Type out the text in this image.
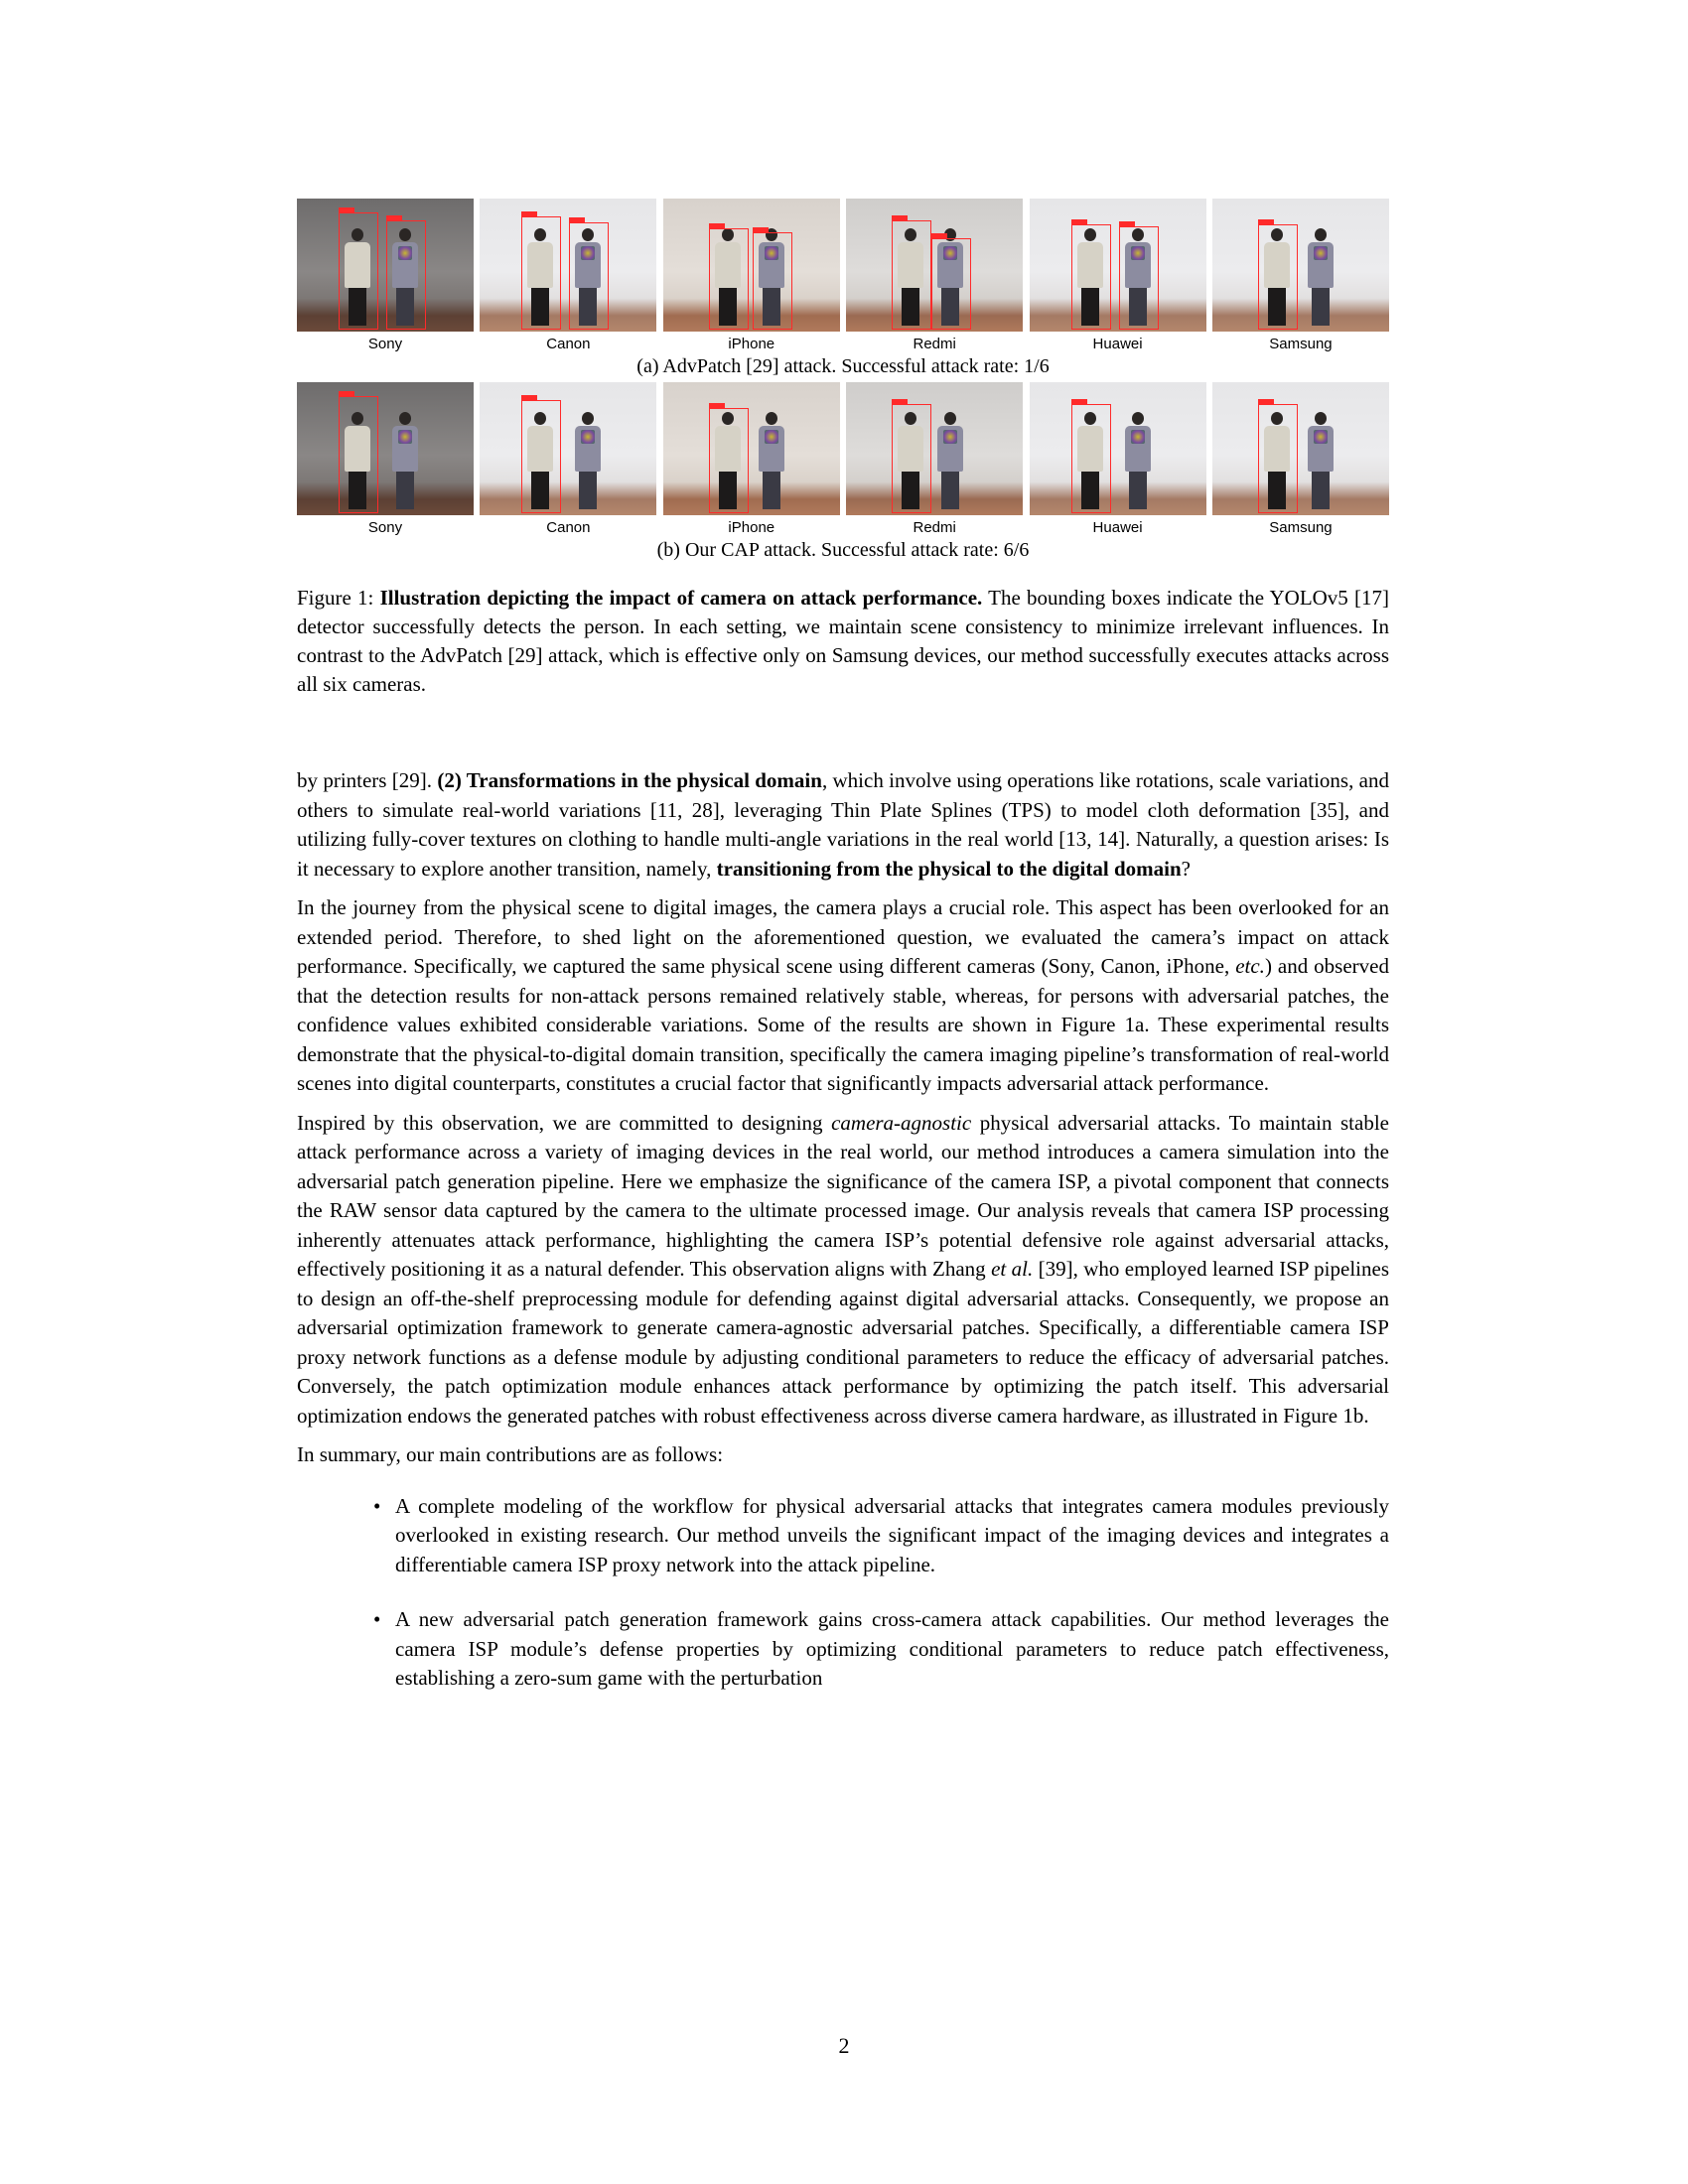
Sony	Canon	iPhone	Redmi	Huawei	Samsung
(a) AdvPatch [29] attack. Successful attack rate: 1/6
Sony	Canon	iPhone	Redmi	Huawei	Samsung
(b) Our CAP attack. Successful attack rate: 6/6
Figure 1: Illustration depicting the impact of camera on attack performance. The bounding boxes indicate the YOLOv5 [17] detector successfully detects the person. In each setting, we maintain scene consistency to minimize irrelevant influences. In contrast to the AdvPatch [29] attack, which is effective only on Samsung devices, our method successfully executes attacks across all six cameras.

by printers [29]. (2) Transformations in the physical domain, which involve using operations like rotations, scale variations, and others to simulate real-world variations [11, 28], leveraging Thin Plate Splines (TPS) to model cloth deformation [35], and utilizing fully-cover textures on clothing to handle multi-angle variations in the real world [13, 14]. Naturally, a question arises: Is it necessary to explore another transition, namely, transitioning from the physical to the digital domain?

In the journey from the physical scene to digital images, the camera plays a crucial role. This aspect has been overlooked for an extended period. Therefore, to shed light on the aforementioned question, we evaluated the camera’s impact on attack performance. Specifically, we captured the same physical scene using different cameras (Sony, Canon, iPhone, etc.) and observed that the detection results for non-attack persons remained relatively stable, whereas, for persons with adversarial patches, the confidence values exhibited considerable variations. Some of the results are shown in Figure 1a. These experimental results demonstrate that the physical-to-digital domain transition, specifically the camera imaging pipeline’s transformation of real-world scenes into digital counterparts, constitutes a crucial factor that significantly impacts adversarial attack performance.

Inspired by this observation, we are committed to designing camera-agnostic physical adversarial attacks. To maintain stable attack performance across a variety of imaging devices in the real world, our method introduces a camera simulation into the adversarial patch generation pipeline. Here we emphasize the significance of the camera ISP, a pivotal component that connects the RAW sensor data captured by the camera to the ultimate processed image. Our analysis reveals that camera ISP processing inherently attenuates attack performance, highlighting the camera ISP’s potential defensive role against adversarial attacks, effectively positioning it as a natural defender. This observation aligns with Zhang et al. [39], who employed learned ISP pipelines to design an off-the-shelf preprocessing module for defending against digital adversarial attacks. Consequently, we propose an adversarial optimization framework to generate camera-agnostic adversarial patches. Specifically, a differentiable camera ISP proxy network functions as a defense module by adjusting conditional parameters to reduce the efficacy of adversarial patches. Conversely, the patch optimization module enhances attack performance by optimizing the patch itself. This adversarial optimization endows the generated patches with robust effectiveness across diverse camera hardware, as illustrated in Figure 1b.

In summary, our main contributions are as follows:

• A complete modeling of the workflow for physical adversarial attacks that integrates camera modules previously overlooked in existing research. Our method unveils the significant impact of the imaging devices and integrates a differentiable camera ISP proxy network into the attack pipeline.
• A new adversarial patch generation framework gains cross-camera attack capabilities. Our method leverages the camera ISP module’s defense properties by optimizing conditional parameters to reduce patch effectiveness, establishing a zero-sum game with the perturbation
2
